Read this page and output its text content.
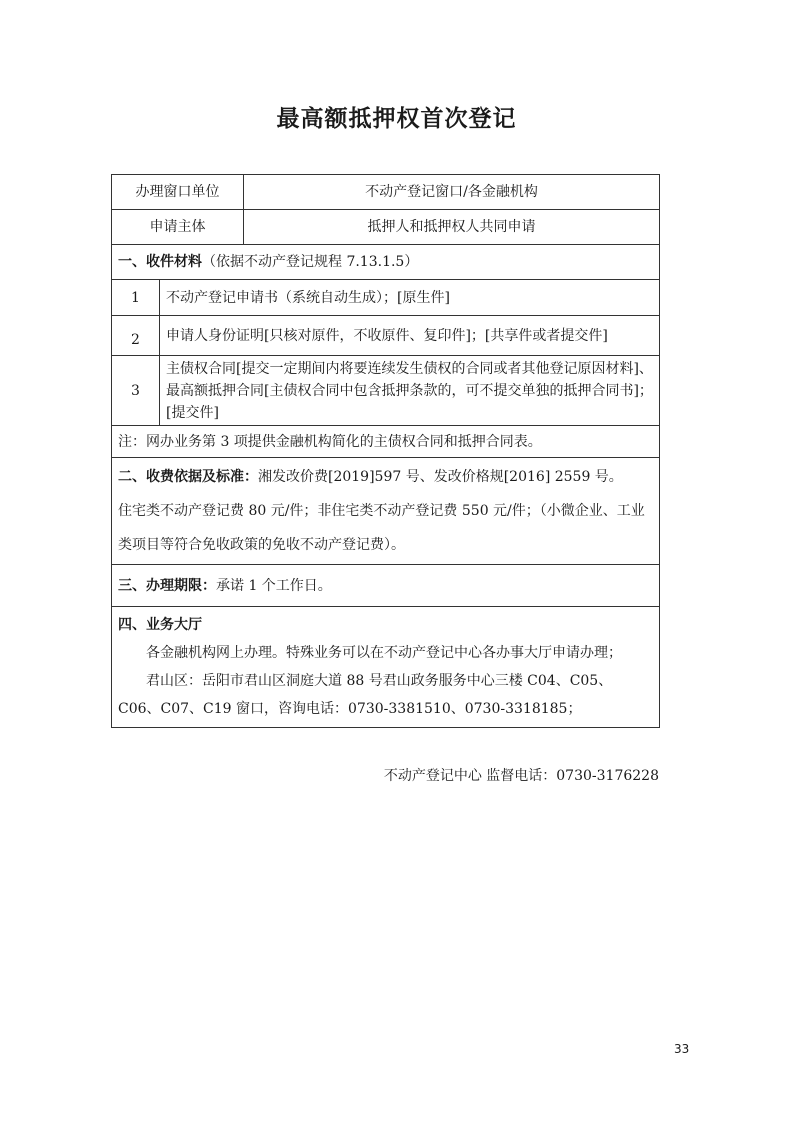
最高额抵押权首次登记
办理窗口单位		不动产登记窗口/各金融机构
申请主体		抵押人和抵押权人共同申请
一、收件材料（依据不动产登记规程 7.13.1.5）		
1	不动产登记申请书（系统自动生成）；[原生件]	
2	申请人身份证明[只核对原件，不收原件、复印件]；[共享件或者提交件]	
3	主债权合同[提交一定期间内将要连续发生债权的合同或者其他登记原因材料]、最高额抵押合同[主债权合同中包含抵押条款的，可不提交单独的抵押合同书]；[提交件]	
注：网办业务第 3 项提供金融机构简化的主债权合同和抵押合同表。		
二、收费依据及标准：湘发改价费[2019]597 号、发改价格规[2016] 2559 号。
住宅类不动产登记费 80 元/件；非住宅类不动产登记费 550 元/件；（小微企业、工业类项目等符合免收政策的免收不动产登记费）。		
三、办理期限：承诺 1 个工作日。		
四、业务大厅

各金融机构网上办理。特殊业务可以在不动产登记中心各办事大厅申请办理；
君山区：岳阳市君山区洞庭大道 88 号君山政务服务中心三楼 C04、C05、C06、C07、C19 窗口，咨询电话：0730-3381510、0730-3318185；		
不动产登记中心 监督电话：0730-3176228
33
